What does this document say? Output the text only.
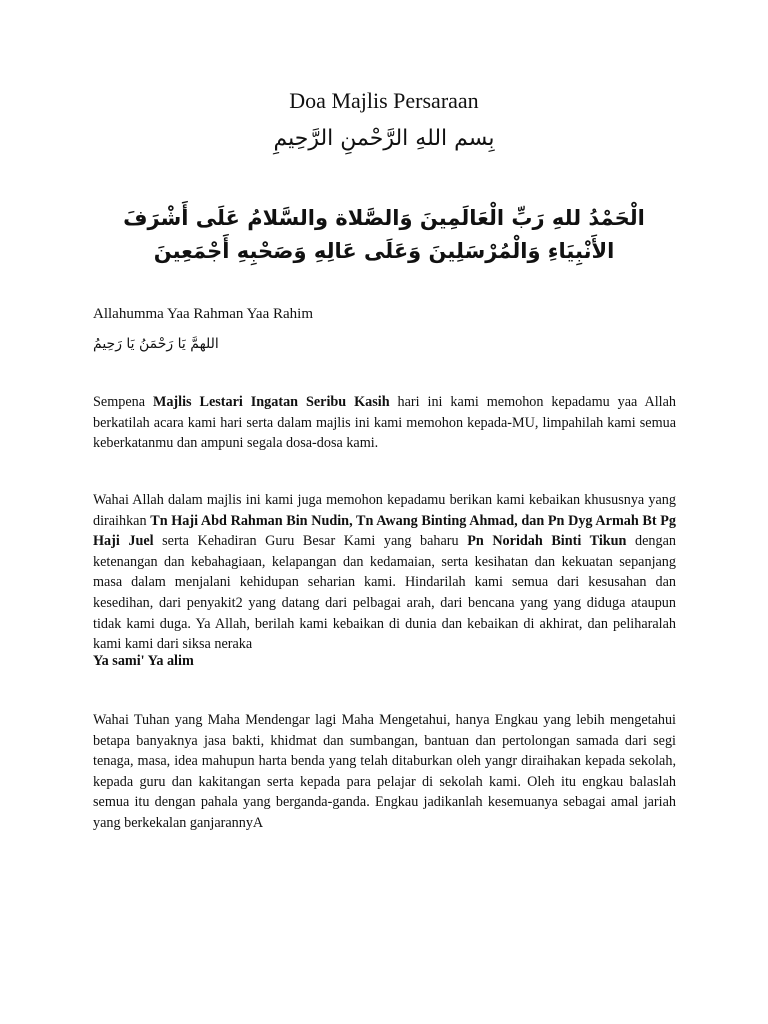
Doa Majlis Persaraan
بِسم اللهِ الرَّحْمنِ الرَّحِيمِ
الْحَمْدُ للهِ رَبِّ الْعَالَمِينَ وَالصَّلاة والسَّلامُ عَلَى أَشْرَفَ الأَنْبِيَاءِ وَالْمُرْسَلِينَ وَعَلَى عَالِهِ وَصَحْبِهِ أَجْمَعِينَ
Allahumma Yaa Rahman Yaa Rahim
اللهمَّ يَا رَحْمَنُ يَا رَحِيمُ

Sempena Majlis Lestari Ingatan Seribu Kasih hari ini kami memohon kepadamu yaa Allah berkatilah acara kami hari serta dalam majlis ini kami memohon kepada-MU, limpahilah kami semua keberkatanmu dan ampuni segala dosa-dosa kami.

Wahai Allah dalam majlis ini kami juga memohon kepadamu berikan kami kebaikan khususnya yang diraihkan Tn Haji Abd Rahman Bin Nudin, Tn Awang Binting Ahmad, dan Pn Dyg Armah Bt Pg Haji Juel serta Kehadiran Guru Besar Kami yang baharu Pn Noridah Binti Tikun dengan ketenangan dan kebahagiaan, kelapangan dan kedamaian, serta kesihatan dan kekuatan sepanjang masa dalam menjalani kehidupan seharian kami. Hindarilah kami semua dari kesusahan dan kesedihan, dari penyakit2 yang datang dari pelbagai arah, dari bencana yang yang diduga ataupun tidak kami duga. Ya Allah, berilah kami kebaikan di dunia dan kebaikan di akhirat, dan peliharalah kami kami dari siksa neraka

Ya sami' Ya alim

Wahai Tuhan yang Maha Mendengar lagi Maha Mengetahui, hanya Engkau yang lebih mengetahui betapa banyaknya jasa bakti, khidmat dan sumbangan, bantuan dan pertolongan samada dari segi tenaga, masa, idea mahupun harta benda yang telah ditaburkan oleh yangr diraihakan kepada sekolah, kepada guru dan kakitangan serta kepada para pelajar di sekolah kami. Oleh itu engkau balaslah semua itu dengan pahala yang berganda-ganda. Engkau jadikanlah kesemuanya sebagai amal jariah yang berkekalan ganjarannyA
